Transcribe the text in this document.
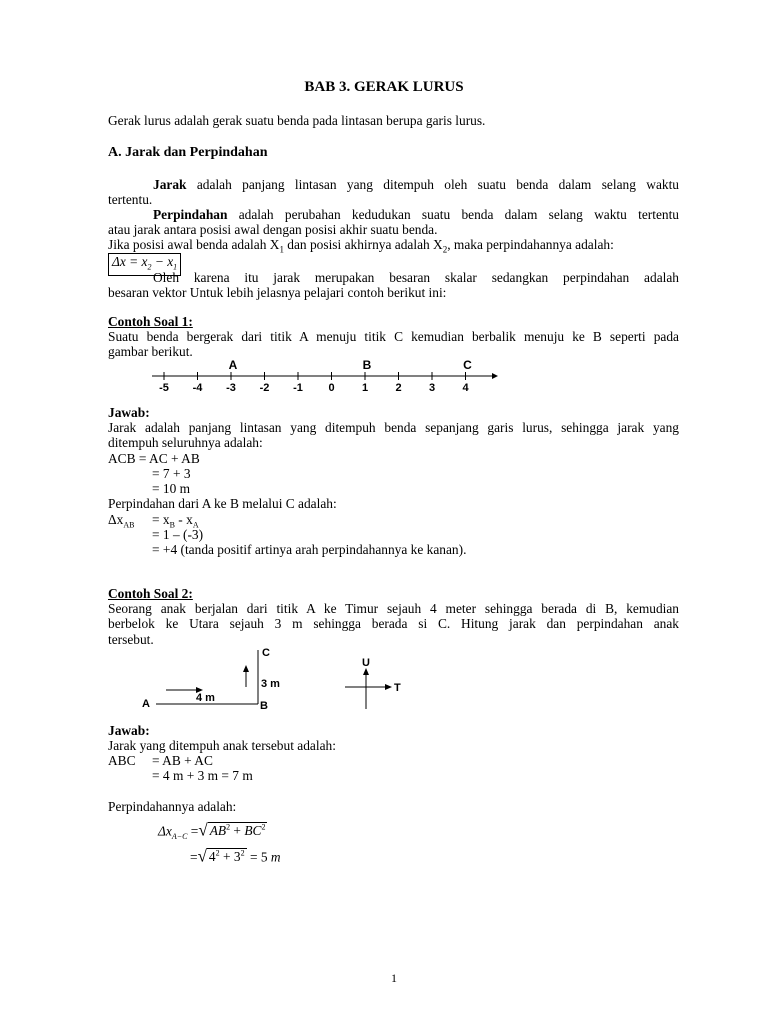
BAB 3. GERAK LURUS
Gerak lurus adalah gerak suatu benda pada lintasan berupa garis lurus.
A. Jarak dan Perpindahan
Jarak adalah panjang lintasan yang ditempuh oleh suatu benda dalam selang waktu
tertentu.
Perpindahan adalah perubahan kedudukan suatu benda dalam selang waktu tertentu
atau jarak antara posisi awal dengan posisi akhir suatu benda.
Jika posisi awal benda adalah $X_1$ dan posisi akhirnya adalah $X_2$, maka perpindahannya adalah:
$\Delta x = x_2 - x_1$
Oleh karena itu jarak merupakan besaran skalar sedangkan perpindahan adalah
besaran vektor Untuk lebih jelasnya pelajari contoh berikut ini:
Contoh Soal 1:
Suatu benda bergerak dari titik A menuju titik C kemudian berbalik menuju ke B seperti pada
gambar berikut.
-5 -4 -3 -2 -1 0 1 2 3 4
A	B	C
Jawab:
Jarak adalah panjang lintasan yang ditempuh benda sepanjang garis lurus, sehingga jarak yang
ditempuh seluruhnya adalah:
ACB = AC + AB
= 7 + 3
= 10 m
Perpindahan dari A ke B melalui C adalah:
$\Delta x_{AB} = x_B - x_A$
= 1 – (-3)
= +4 (tanda positif artinya arah perpindahannya ke kanan).
Contoh Soal 2:
Seorang anak berjalan dari titik A ke Timur sejauh 4 meter sehingga berada di B, kemudian
berbelok ke Utara sejauh 3 m sehingga berada si C. Hitung jarak dan perpindahan anak
tersebut.
A	B
C
4 m
3 m
U
T
Jawab:
Jarak yang ditempuh anak tersebut adalah:
ABC = AB + AC
= 4 m + 3 m = 7 m
Perpindahannya adalah:
$\Delta x_{A-C}$ =√ $AB^2 + BC^2$
=√ $4^2 + 3^2 = 5$ m
1
